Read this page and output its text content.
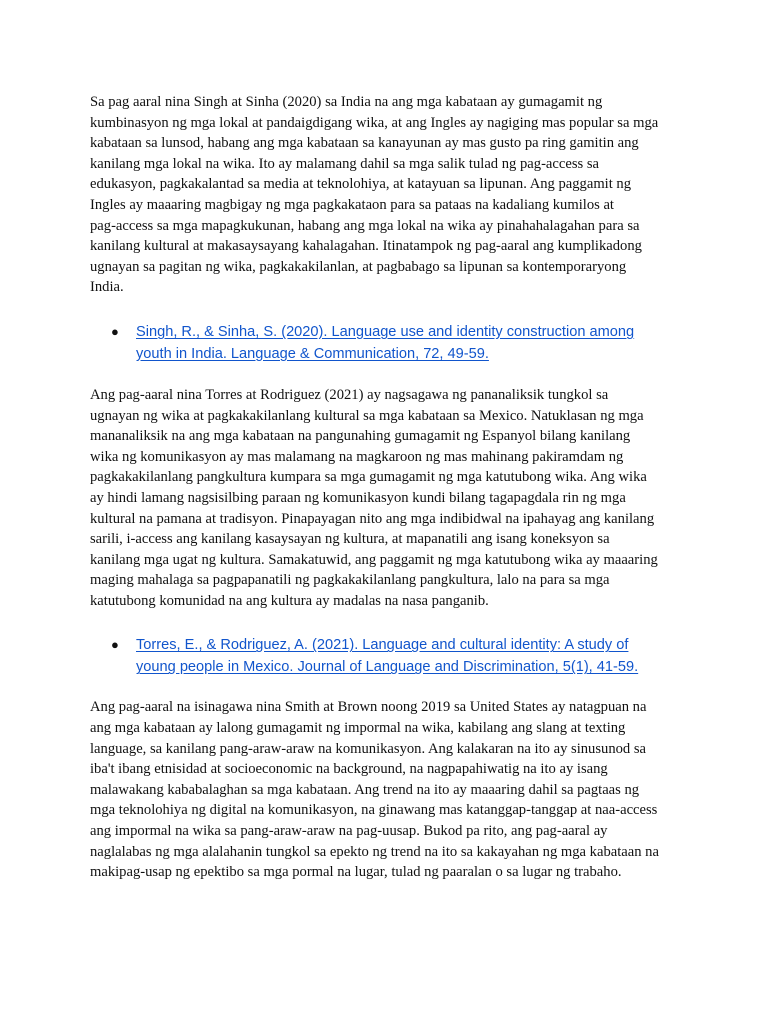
Sa pag aaral nina Singh at Sinha (2020) sa India na ang mga kabataan ay gumagamit ng
kumbinasyon ng mga lokal at pandaigdigang wika, at ang Ingles ay nagiging mas popular sa mga
kabataan sa lunsod, habang ang mga kabataan sa kanayunan ay mas gusto pa ring gamitin ang
kanilang mga lokal na wika. Ito ay malamang dahil sa mga salik tulad ng pag-access sa
edukasyon, pagkakalantad sa media at teknolohiya, at katayuan sa lipunan. Ang paggamit ng
Ingles ay maaaring magbigay ng mga pagkakataon para sa pataas na kadaliang kumilos at
pag-access sa mga mapagkukunan, habang ang mga lokal na wika ay pinahahalagahan para sa
kanilang kultural at makasaysayang kahalagahan. Itinatampok ng pag-aaral ang kumplikadong
ugnayan sa pagitan ng wika, pagkakakilanlan, at pagbabago sa lipunan sa kontemporaryong
India.

● Singh, R., & Sinha, S. (2020). Language use and identity construction among
youth in India. Language & Communication, 72, 49-59.

Ang pag-aaral nina Torres at Rodriguez (2021) ay nagsagawa ng pananaliksik tungkol sa
ugnayan ng wika at pagkakakilanlang kultural sa mga kabataan sa Mexico. Natuklasan ng mga
mananaliksik na ang mga kabataan na pangunahing gumagamit ng Espanyol bilang kanilang
wika ng komunikasyon ay mas malamang na magkaroon ng mas mahinang pakiramdam ng
pagkakakilanlang pangkultura kumpara sa mga gumagamit ng mga katutubong wika. Ang wika
ay hindi lamang nagsisilbing paraan ng komunikasyon kundi bilang tagapagdala rin ng mga
kultural na pamana at tradisyon. Pinapayagan nito ang mga indibidwal na ipahayag ang kanilang
sarili, i-access ang kanilang kasaysayan ng kultura, at mapanatili ang isang koneksyon sa
kanilang mga ugat ng kultura. Samakatuwid, ang paggamit ng mga katutubong wika ay maaaring
maging mahalaga sa pagpapanatili ng pagkakakilanlang pangkultura, lalo na para sa mga
katutubong komunidad na ang kultura ay madalas na nasa panganib.

● Torres, E., & Rodriguez, A. (2021). Language and cultural identity: A study of
young people in Mexico. Journal of Language and Discrimination, 5(1), 41-59.

Ang pag-aaral na isinagawa nina Smith at Brown noong 2019 sa United States ay natagpuan na
ang mga kabataan ay lalong gumagamit ng impormal na wika, kabilang ang slang at texting
language, sa kanilang pang-araw-araw na komunikasyon. Ang kalakaran na ito ay sinusunod sa
iba't ibang etnisidad at socioeconomic na background, na nagpapahiwatig na ito ay isang
malawakang kababalaghan sa mga kabataan. Ang trend na ito ay maaaring dahil sa pagtaas ng
mga teknolohiya ng digital na komunikasyon, na ginawang mas katanggap-tanggap at naa-access
ang impormal na wika sa pang-araw-araw na pag-uusap. Bukod pa rito, ang pag-aaral ay
naglalabas ng mga alalahanin tungkol sa epekto ng trend na ito sa kakayahan ng mga kabataan na
makipag-usap ng epektibo sa mga pormal na lugar, tulad ng paaralan o sa lugar ng trabaho.
